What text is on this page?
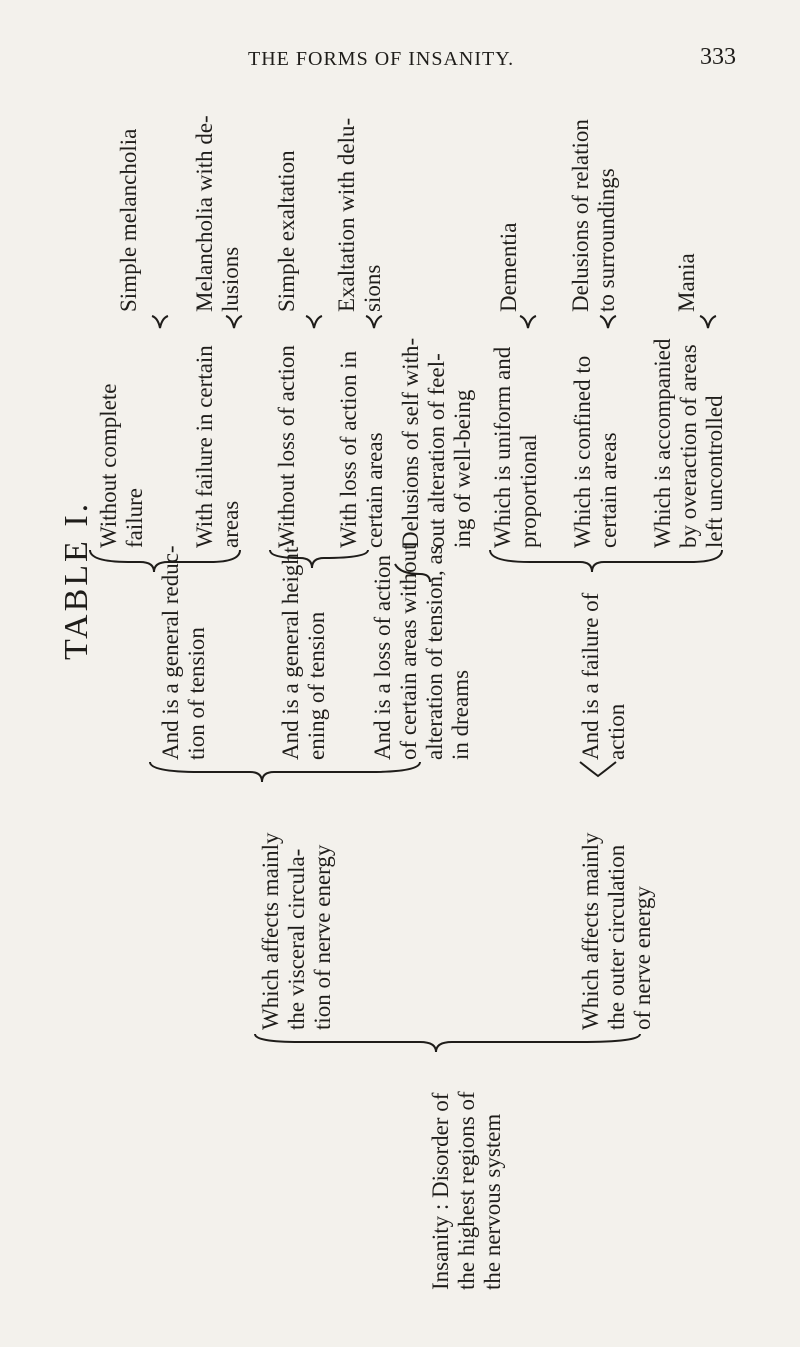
THE FORMS OF INSANITY.	333
TABLE I.
Insanity : Disorder of the highest regions of the nervous system
Which affects mainly the visceral circula- tion of nerve energy	Which affects mainly the outer circulation of nerve energy
And is a general reduc- tion of tension	And is a general height- ening of tension And is a loss of action of certain areas without alteration of tension, as in dreams	And is a failure of action
Without complete failure With failure in certain areas Without loss of action With loss of action in certain areas Delusions of self with- out alteration of feel- ing of well-being Which is uniform and proportional Which is confined to certain areas Which is accompanied by overaction of areas left uncontrolled
Simple melancholia Melancholia with de- lusions Simple exaltation Exaltation with delu- sions	Dementia Delusions of relation to surroundings Mania
